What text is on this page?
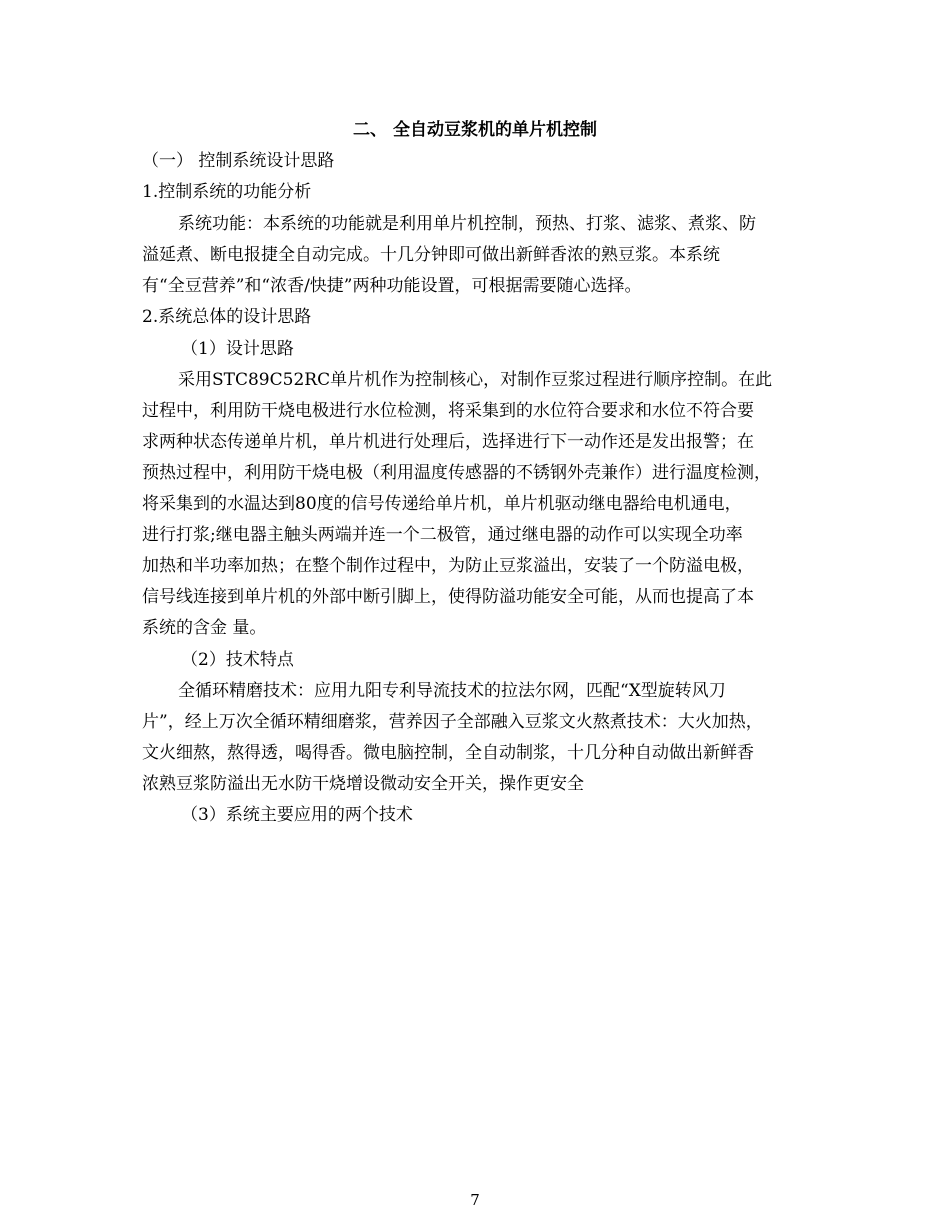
二、 全自动豆浆机的单片机控制
（一） 控制系统设计思路
1.控制系统的功能分析
系统功能：本系统的功能就是利用单片机控制，预热、打浆、滤浆、煮浆、防
溢延煮、断电报捷全自动完成。十几分钟即可做出新鲜香浓的熟豆浆。本系统
有“全豆营养”和“浓香/快捷”两种功能设置，可根据需要随心选择。
2.系统总体的设计思路
（1）设计思路
采用STC89C52RC单片机作为控制核心，对制作豆浆过程进行顺序控制。在此
过程中，利用防干烧电极进行水位检测，将采集到的水位符合要求和水位不符合要
求两种状态传递单片机，单片机进行处理后，选择进行下一动作还是发出报警；在
预热过程中，利用防干烧电极（利用温度传感器的不锈钢外壳兼作）进行温度检测，
将采集到的水温达到80度的信号传递给单片机，单片机驱动继电器给电机通电，
进行打浆;继电器主触头两端并连一个二极管，通过继电器的动作可以实现全功率
加热和半功率加热；在整个制作过程中，为防止豆浆溢出，安装了一个防溢电极，
信号线连接到单片机的外部中断引脚上，使得防溢功能安全可能，从而也提高了本
系统的含金 量。
（2）技术特点
全循环精磨技术：应用九阳专利导流技术的拉法尔网，匹配“X型旋转风刀
片”，经上万次全循环精细磨浆，营养因子全部融入豆浆文火熬煮技术：大火加热，
文火细熬，熬得透，喝得香。微电脑控制，全自动制浆，十几分种自动做出新鲜香
浓熟豆浆防溢出无水防干烧增设微动安全开关，操作更安全
（3）系统主要应用的两个技术
7
